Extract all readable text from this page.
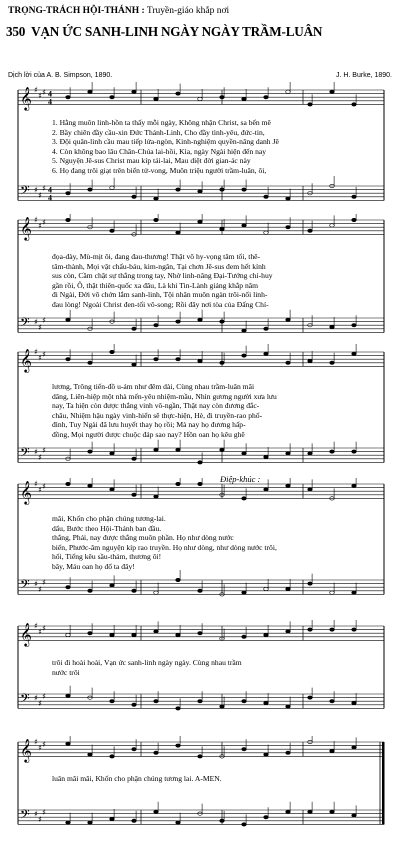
TRỌNG-TRÁCH HỘI-THÁNH : Truyền-giáo khắp nơi
350 VẠN ỨC SANH-LINH NGÀY NGÀY TRẦM-LUÂN
Dịch lời của A. B. Simpson, 1890.	J. H. Burke, 1890.
Điệp-khúc :
𝄞 ♯
♯ ♯ 4
4
𝄢 ♯
♯
♯ 4
4
1. Hằng muôn linh-hồn ta thấy mỗi ngày, Không nhận Christ, sa bến mê
2. Bầy chiên đầy cầu-xin Đức Thánh-Linh, Cho đầy tình-yêu, đức-tin,
3. Đội quân-linh cầu mau tiếp lửa-ngòn, Kinh-nghiệm quyền-năng danh Jê
4. Còn không bao lâu Chăn-Chúa lai-hồi, Kìa, ngày Ngài hiện đến nay
5. Nguyện Jê-sus Christ mau kíp tái-lai, Mau diệt đời gian-ác này
6. Họ đang trôi giạt trên biển tử-vong, Muôn triệu người trầm-luân, ôi,
𝄞 ♯
♯ ♯
𝄢 ♯
♯
♯
đọa-đày, Mù-mịt ôi, đang đau-thương! Thật vô hy-vọng tâm tối, thê-
tâm-thành, Mọi vật chấu-báu, kim-ngân, Tại chơn Jê-sus đem hết kính
sus còn, Cầm chặt sự thắng trong tay, Nhờ linh-năng Đại-Tướng chỉ-huy
gần rồi, Ô, thật thiên-quốc xa đâu, Là khi Tin-Lành giảng khắp năm
đi Ngài, Đời vô chớn lắm sanh-linh, Tội nhân muôn ngàn trôi-nổi linh-
đau lòng! Ngoài Christ đen-tối vô-song; Rồi đây nơi tòa của Đấng Chí-
𝄞 ♯
♯ ♯
𝄢 ♯
♯
♯
lương, Trông tiến-đồ u-ám như đêm dài, Cùng nhau trầm-luân mãi
dâng, Liên-hiệp một nhà mến-yêu nhiệm-mầu, Nhìn gương người xưa lưu
nay, Ta hiện còn được thắng vinh vô-ngần, Thật nay còn đương đắc-
châu, Nhiệm hậu ngày vinh-hiển sẽ thực-hiện, Hè, đi truyền-rao phố-
đình, Tuy Ngài đã lưu huyết thay họ rồi; Mà nay họ đương hấp-
đồng, Mọi người được chuộc đáp sao nay? Hồn oan họ kêu ghê
𝄞 ♯
♯ ♯
𝄢 ♯
♯
♯
mãi, Khốn cho phận chúng tương-lai.
dấu, Bước theo Hội-Thánh ban đầu.
thắng, Phải, nay được thắng muôn phần. Họ như dòng nước
biến, Phước-âm nguyện kíp rao truyền. Họ như dòng, như dòng nước trôi,
hối, Tiếng kêu sầu-thảm, thương ôi!
bây, Máu oan họ đổ ta đây!
𝄞 ♯
♯ ♯
𝄢 ♯
♯
♯
trôi đi hoài hoài, Vạn ức sanh-linh ngày ngày. Cùng nhau trầm
nước trôi
𝄞 ♯
♯ ♯
𝄢 ♯
♯
♯
luân mãi mãi, Khốn cho phận chúng tương lai. A-MEN.
